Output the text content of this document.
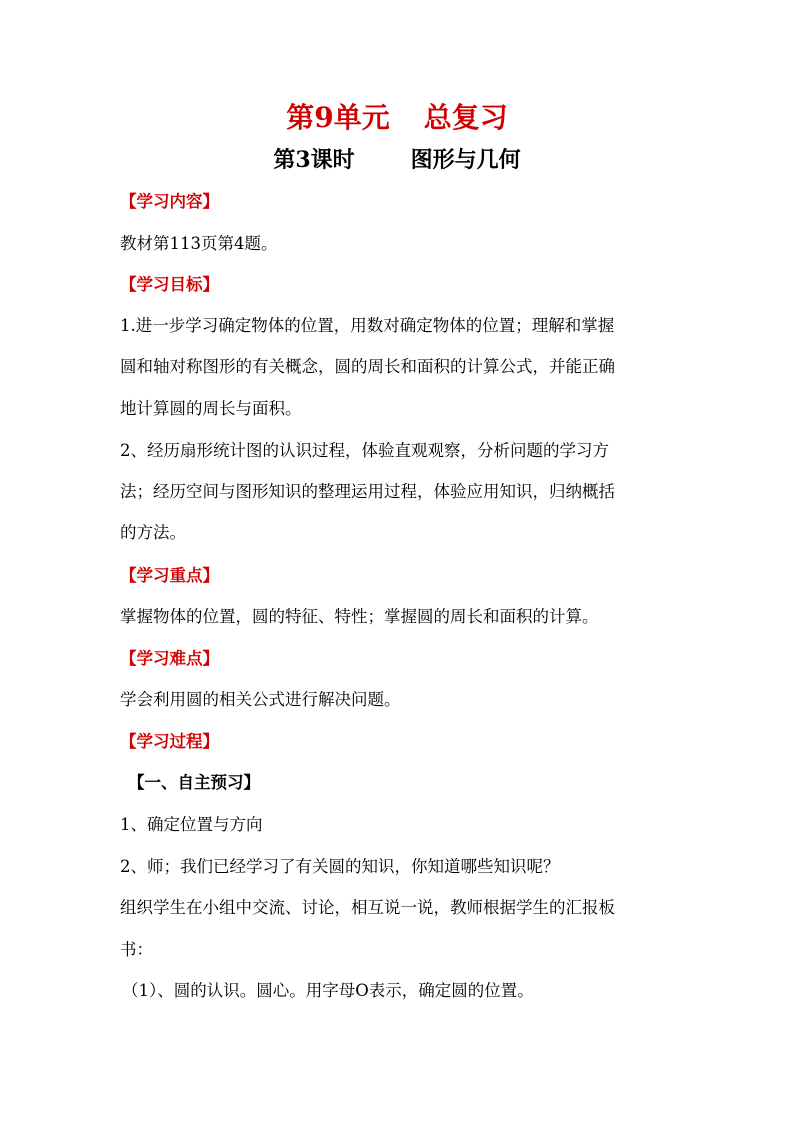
第9单元 总复习
第3课时	图形与几何
【学习内容】
教材第113页第4题。
【学习目标】
1.进一步学习确定物体的位置，用数对确定物体的位置；理解和掌握
圆和轴对称图形的有关概念，圆的周长和面积的计算公式，并能正确
地计算圆的周长与面积。
2、经历扇形统计图的认识过程，体验直观观察，分析问题的学习方
法；经历空间与图形知识的整理运用过程，体验应用知识，归纳概括
的方法。
【学习重点】
掌握物体的位置，圆的特征、特性；掌握圆的周长和面积的计算。
【学习难点】
学会利用圆的相关公式进行解决问题。
【学习过程】
【一、自主预习】
1、确定位置与方向
2、师；我们已经学习了有关圆的知识，你知道哪些知识呢？
组织学生在小组中交流、讨论，相互说一说，教师根据学生的汇报板
书：
（1）、圆的认识。圆心。用字母O表示，确定圆的位置。
